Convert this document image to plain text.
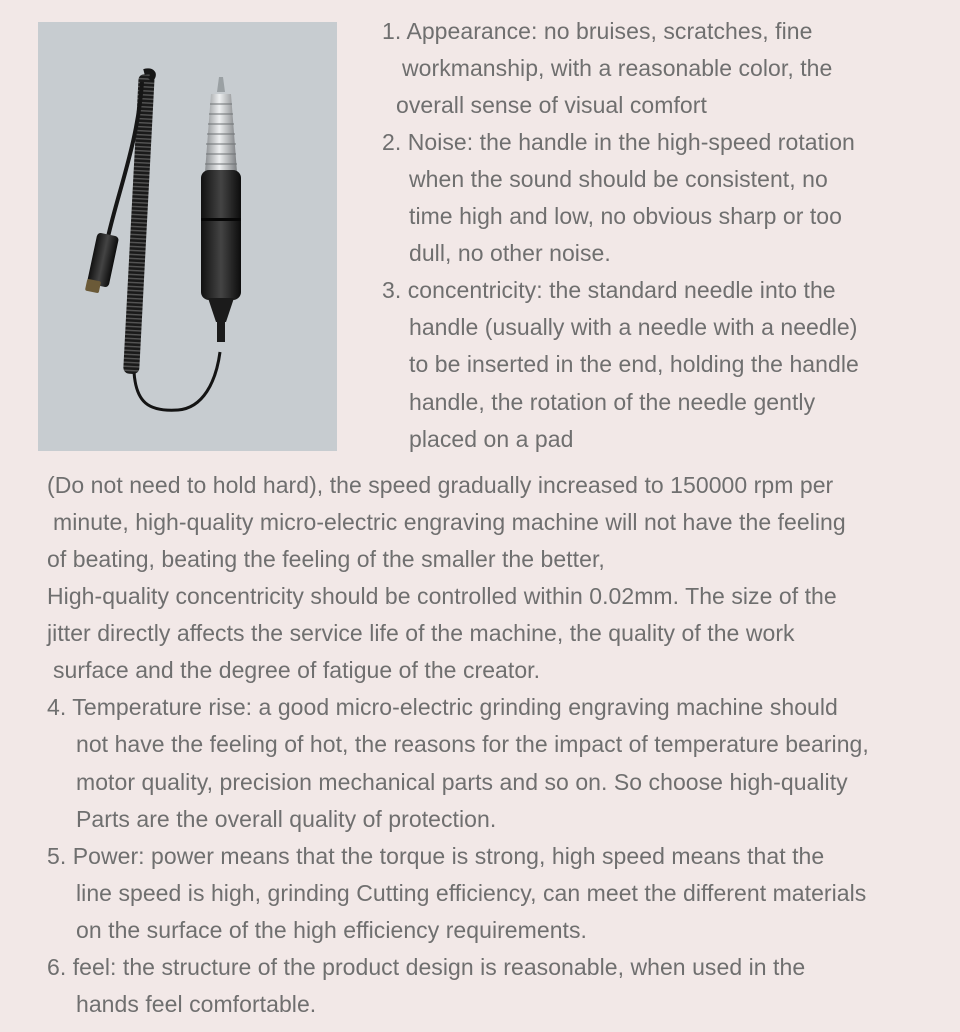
1. Appearance: no bruises, scratches, fine

workmanship, with a reasonable color, the

overall sense of visual comfort

2. Noise: the handle in the high-speed rotation

when the sound should be consistent, no

time high and low, no obvious sharp or too

dull, no other noise.

3. concentricity: the standard needle into the

handle (usually with a needle with a needle)

to be inserted in the end, holding the handle

handle, the rotation of the needle gently

placed on a pad

(Do not need to hold hard), the speed gradually increased to 150000 rpm per

minute, high-quality micro-electric engraving machine will not have the feeling

of beating, beating the feeling of the smaller the better,

High-quality concentricity should be controlled within 0.02mm. The size of the

jitter directly affects the service life of the machine, the quality of the work

surface and the degree of fatigue of the creator.

4. Temperature rise: a good micro-electric grinding engraving machine should

not have the feeling of hot, the reasons for the impact of temperature bearing,

motor quality, precision mechanical parts and so on. So choose high-quality

Parts are the overall quality of protection.

5. Power: power means that the torque is strong, high speed means that the

line speed is high, grinding Cutting efficiency, can meet the different materials

on the surface of the high efficiency requirements.

6. feel: the structure of the product design is reasonable, when used in the

hands feel comfortable.
